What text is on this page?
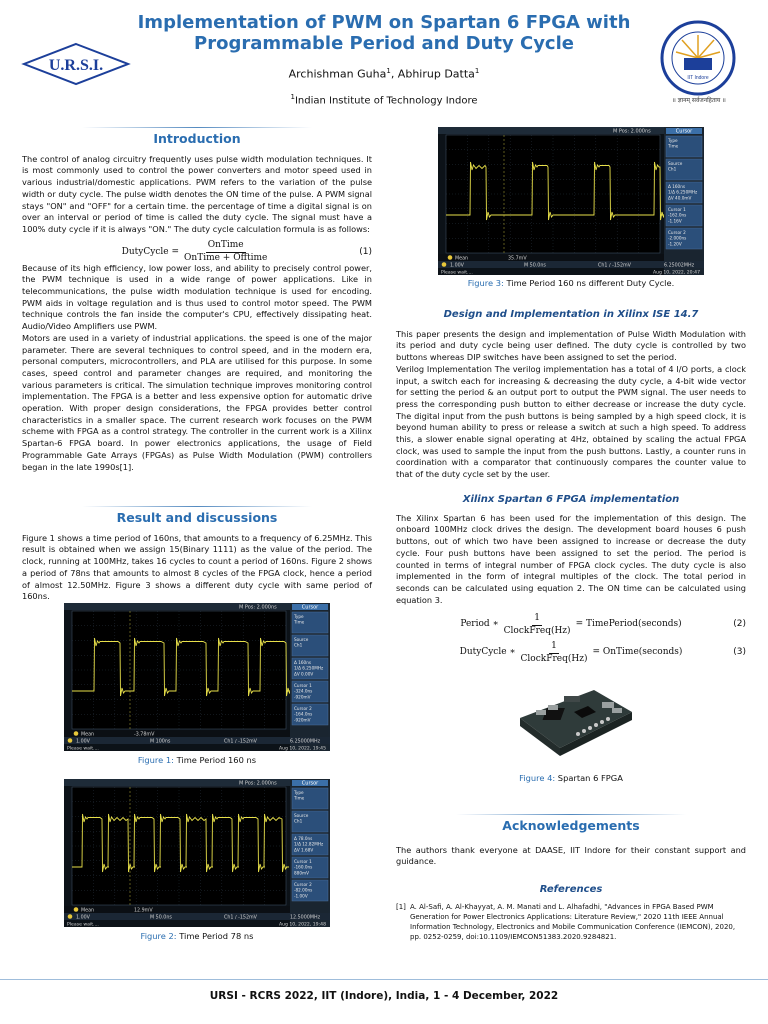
U.R.S.I.
Implementation of PWM on Spartan 6 FPGA with
Programmable Period and Duty Cycle
Archishman Guha$^1$, Abhirup Datta$^1$
$^1$Indian Institute of Technology Indore
IIT Indore
॥ ज्ञानम् सर्वजनहिताय ॥
Introduction

The control of analog circuitry frequently uses pulse width modulation techniques. It is most commonly used to control the power converters and motor speed used in various industrial/domestic applications. PWM refers to the variation of the pulse width or duty cycle. The pulse width denotes the ON time of the pulse. A PWM signal stays "ON" and "OFF" for a certain time. the percentage of time a digital signal is on over an interval or period of time is called the duty cycle. The signal must have a 100% duty cycle if it is always "ON." The duty cycle calculation formula is as follows:

DutyCycle = $\frac{\text{OnTime}}{\text{OnTime + Offtime}}$	(1)

Because of its high efficiency, low power loss, and ability to precisely control power, the PWM technique is used in a wide range of power applications. Like in telecommunications, the pulse width modulation technique is used for encoding. PWM aids in voltage regulation and is thus used to control motor speed. The PWM technique controls the fan inside the computer's CPU, effectively dissipating heat. Audio/Video Amplifiers use PWM.

Motors are used in a variety of industrial applications. the speed is one of the major parameter. There are several techniques to control speed, and in the modern era, personal computers, microcontrollers, and PLA are utilised for this purpose. In some cases, speed control and parameter changes are required, and monitoring the various parameters is critical. The simulation technique improves monitoring control implementation. The FPGA is a better and less expensive option for automatic drive operation. With proper design considerations, the FPGA provides better control characteristics in a smaller space. The current research work focuses on the PWM scheme with FPGA as a control strategy. The controller in the current work is a Xilinx Spartan-6 FPGA board. In power electronics applications, the usage of Field Programmable Gate Arrays (FPGAs) as Pulse Width Modulation (PWM) controllers began in the late 1990s[1].

Result and discussions

Figure 1 shows a time period of 160ns, that amounts to a frequency of 6.25MHz. This result is obtained when we assign 15(Binary 1111) as the value of the period. The clock, running at 100MHz, takes 16 cycles to count a period of 160ns. Figure 2 shows a period of 78ns that amounts to almost 8 cycles of the FPGA clock, hence a period of almost 12.50MHz. Figure 3 shows a different duty cycle with same period of 160ns.

M Pos: 2.000ns	Cursor
Type
Time
Source
Ch1
Δ 160ns
1/Δ 6.250MHz
ΔV 0.00V
Cursor 1
-324.0ns
-920mV
Cursor 2
-164.0ns
-920mV
Mean	-3.78mV
1.00V	M 100ns	Ch1 ∕ -152mV	6.25000MHz
Please wait....	Aug 10, 2022, 19:45
Figure 1: Time Period 160 ns
M Pos: 2.000ns	Cursor
Type
Time
Source
Ch1
Δ 78.0ns
1/Δ 12.82MHz
ΔV 1.68V
Cursor 1
-160.0ns
880mV
Cursor 2
-82.00ns
-1.00V
Mean	12.9mV
1.00V	M 50.0ns	Ch1 ∕ -152mV	12.5000MHz
Please wait....	Aug 10, 2022, 19:48
Figure 2: Time Period 78 ns
M Pos: 2.000ns	Cursor
Type
Time
Source
Ch1
Δ 160ns
1/Δ 6.250MHz
ΔV 40.0mV
Cursor 1
-162.0ns
-1.16V
Cursor 2
-2.000ns
-1.20V
Mean	35.7mV
1.00V	M 50.0ns	Ch1 ∕ -152mV	6.25002MHz
Please wait....	Aug 10, 2022, 20:47
Figure 3: Time Period 160 ns different Duty Cycle.
Design and Implementation in Xilinx ISE 14.7

This paper presents the design and implementation of Pulse Width Modulation with its period and duty cycle being user defined. The duty cycle is controlled by two buttons whereas DIP switches have been assigned to set the period.

Verilog Implementation The verilog implementation has a total of 4 I/O ports, a clock input, a switch each for increasing & decreasing the duty cycle, a 4-bit wide vector for setting the period & an output port to output the PWM signal. The user needs to press the corresponding push button to either decrease or increase the duty cycle. The digital input from the push buttons is being sampled by a high speed clock, it is beyond human ability to press or release a switch at such a high speed. To address this, a slower enable signal operating at 4Hz, obtained by scaling the actual FPGA clock, was used to sample the input from the push buttons. Lastly, a counter runs in coordination with a comparator that continuously compares the counter value to that of the duty cycle set by the user.

Xilinx Spartan 6 FPGA implementation

The Xilinx Spartan 6 has been used for the implementation of this design. The onboard 100MHz clock drives the design. The development board houses 6 push buttons, out of which two have been assigned to increase or decrease the duty cycle. Four push buttons have been assigned to set the period. The period is counted in terms of integral number of FPGA clock cycles. The duty cycle is also implemented in the form of integral multiples of the clock. The total period in seconds can be calculated using equation 2. The ON time can be calculated using equation 3.

Period ∗ $\frac{1}{\text{ClockFreq(Hz)}}$ = TimePeriod(seconds)	(2)
DutyCycle ∗ $\frac{1}{\text{ClockFreq(Hz)}}$ = OnTime(seconds)	(3)
Figure 4: Spartan 6 FPGA
Acknowledgements

The authors thank everyone at DAASE, IIT Indore for their constant support and guidance.

References
[1] A. Al-Safi, A. Al-Khayyat, A. M. Manati and L. Alhafadhi, "Advances in FPGA Based PWM Generation for Power Electronics Applications: Literature Review," 2020 11th IEEE Annual Information Technology, Electronics and Mobile Communication Conference (IEMCON), 2020, pp. 0252-0259, doi:10.1109/IEMCON51383.2020.9284821.
URSI - RCRS 2022, IIT (Indore), India, 1 - 4 December, 2022
